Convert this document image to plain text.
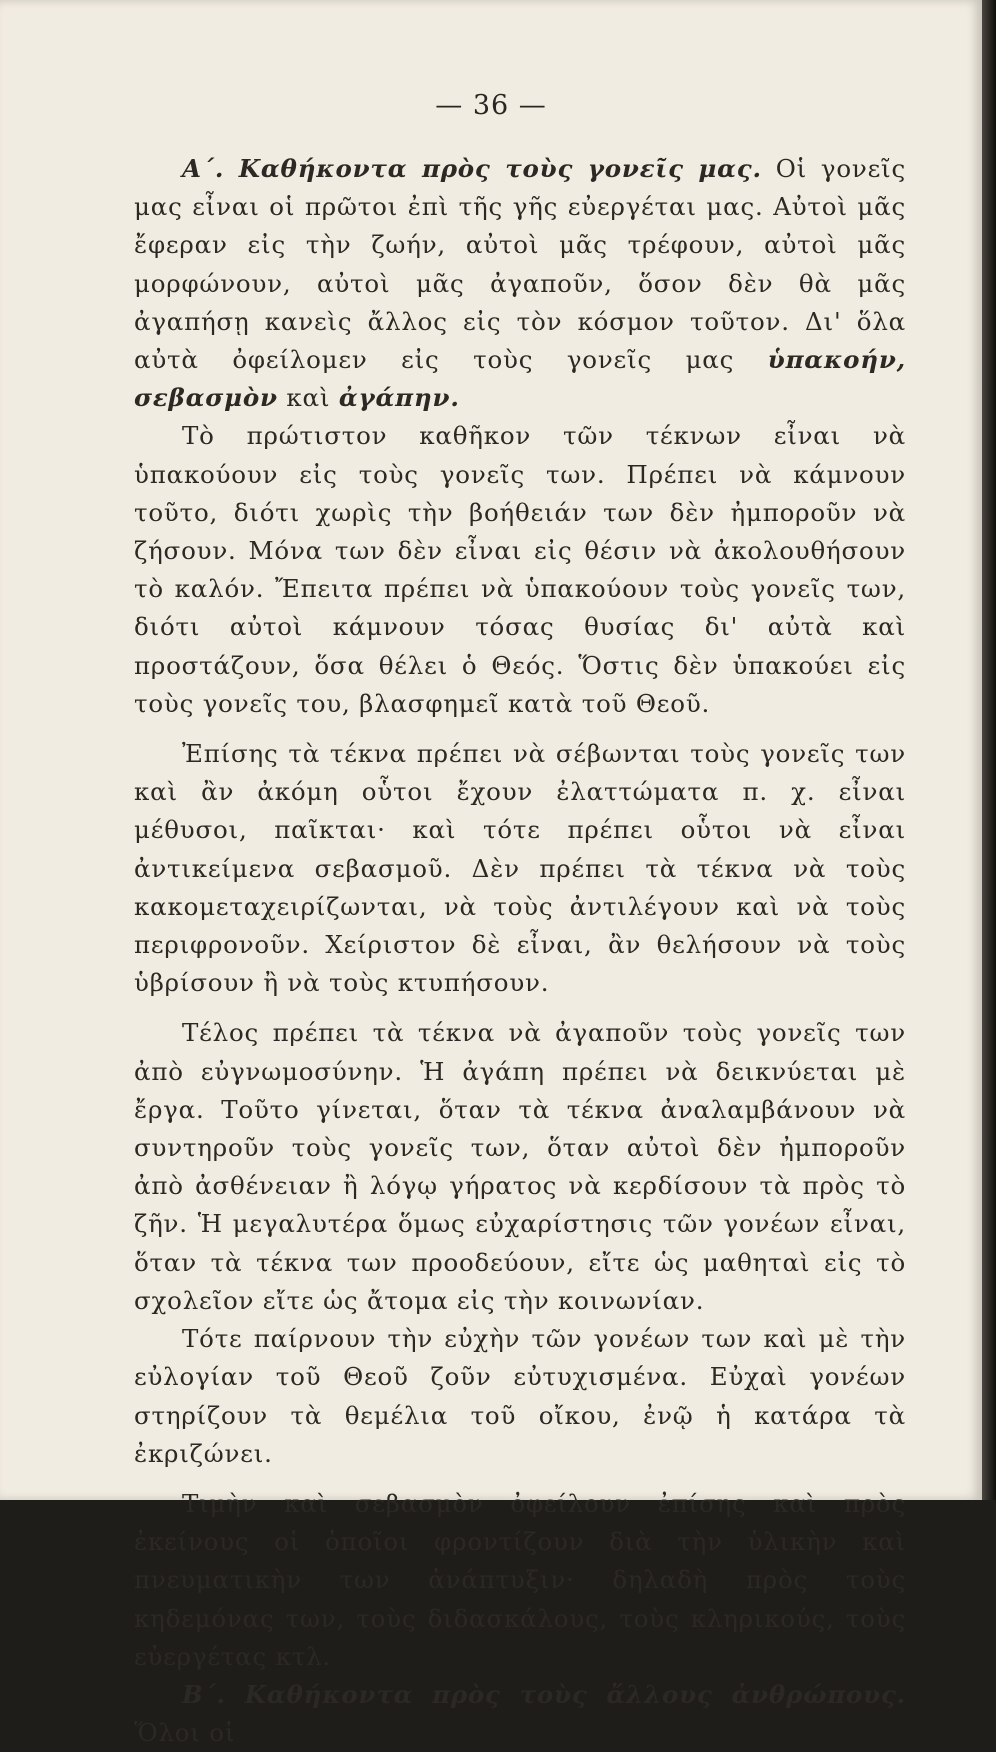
— 36 —

Α΄. Καθήκοντα πρὸς τοὺς γονεῖς μας. Οἱ γονεῖς μας εἶναι οἱ πρῶτοι ἐπὶ τῆς γῆς εὐεργέται μας. Αὐτοὶ μᾶς ἔφεραν εἰς τὴν ζωήν, αὐτοὶ μᾶς τρέφουν, αὐτοὶ μᾶς μορφώνουν, αὐτοὶ μᾶς ἀγαποῦν, ὅσον δὲν θὰ μᾶς ἀγαπήσῃ κανεὶς ἄλλος εἰς τὸν κόσμον τοῦτον. Δι' ὅλα αὐτὰ ὀφείλομεν εἰς τοὺς γονεῖς μας ὑπακοήν, σεβασμὸν καὶ ἀγάπην.

Τὸ πρώτιστον καθῆκον τῶν τέκνων εἶναι νὰ ὑπακούουν εἰς τοὺς γονεῖς των. Πρέπει νὰ κάμνουν τοῦτο, διότι χωρὶς τὴν βοήθειάν των δὲν ἠμποροῦν νὰ ζήσουν. Μόνα των δὲν εἶναι εἰς θέσιν νὰ ἀκολουθήσουν τὸ καλόν. Ἔπειτα πρέπει νὰ ὑπακούουν τοὺς γονεῖς των, διότι αὐτοὶ κάμνουν τόσας θυσίας δι' αὐτὰ καὶ προστάζουν, ὅσα θέλει ὁ Θεός. Ὅστις δὲν ὑπακούει εἰς τοὺς γονεῖς του, βλασφημεῖ κατὰ τοῦ Θεοῦ.

Ἐπίσης τὰ τέκνα πρέπει νὰ σέβωνται τοὺς γονεῖς των καὶ ἂν ἀκόμη οὗτοι ἔχουν ἐλαττώματα π. χ. εἶναι μέθυσοι, παῖκται· καὶ τότε πρέπει οὗτοι νὰ εἶναι ἀντικείμενα σεβασμοῦ. Δὲν πρέπει τὰ τέκνα νὰ τοὺς κακομεταχειρίζωνται, νὰ τοὺς ἀντιλέγουν καὶ νὰ τοὺς περιφρονοῦν. Χείριστον δὲ εἶναι, ἂν θελήσουν νὰ τοὺς ὑβρίσουν ἢ νὰ τοὺς κτυπήσουν.

Τέλος πρέπει τὰ τέκνα νὰ ἀγαποῦν τοὺς γονεῖς των ἀπὸ εὐγνωμοσύνην. Ἡ ἀγάπη πρέπει νὰ δεικνύεται μὲ ἔργα. Τοῦτο γίνεται, ὅταν τὰ τέκνα ἀναλαμβάνουν νὰ συντηροῦν τοὺς γονεῖς των, ὅταν αὐτοὶ δὲν ἠμποροῦν ἀπὸ ἀσθένειαν ἢ λόγῳ γήρατος νὰ κερδίσουν τὰ πρὸς τὸ ζῆν. Ἡ μεγαλυτέρα ὅμως εὐχαρίστησις τῶν γονέων εἶναι, ὅταν τὰ τέκνα των προοδεύουν, εἴτε ὡς μαθηταὶ εἰς τὸ σχολεῖον εἴτε ὡς ἄτομα εἰς τὴν κοινωνίαν.

Τότε παίρνουν τὴν εὐχὴν τῶν γονέων των καὶ μὲ τὴν εὐλογίαν τοῦ Θεοῦ ζοῦν εὐτυχισμένα. Εὐχαὶ γονέων στηρίζουν τὰ θεμέλια τοῦ οἴκου, ἐνῷ ἡ κατάρα τὰ ἐκριζώνει.

Τιμὴν καὶ σεβασμὸν ὀφείλουν ἐπίσης καὶ πρὸς ἐκείνους οἱ ὁποῖοι φροντίζουν διὰ τὴν ὑλικὴν καὶ πνευματικὴν των ἀνάπτυξιν· δηλαδὴ πρὸς τοὺς κηδεμόνας των, τοὺς διδασκάλους, τοὺς κληρικούς, τοὺς εὐεργέτας κτλ.

Β΄. Καθήκοντα πρὸς τοὺς ἄλλους ἀνθρώπους. Ὅλοι οἱ
